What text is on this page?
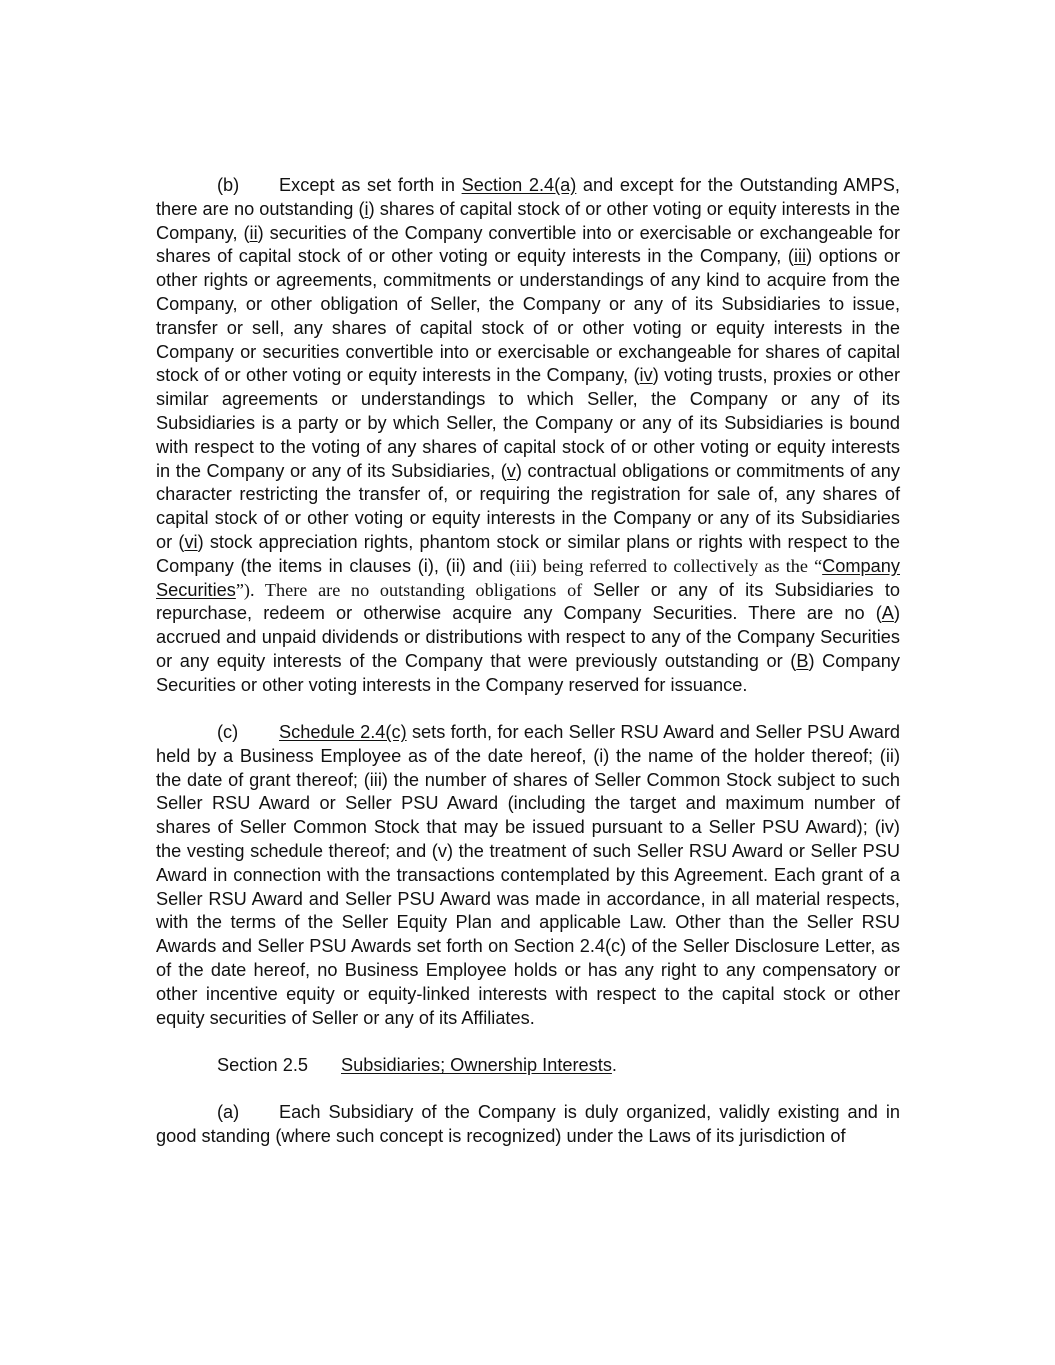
(b) Except as set forth in Section 2.4(a) and except for the Outstanding AMPS, there are no outstanding (i) shares of capital stock of or other voting or equity interests in the Company, (ii) securities of the Company convertible into or exercisable or exchangeable for shares of capital stock of or other voting or equity interests in the Company, (iii) options or other rights or agreements, commitments or understandings of any kind to acquire from the Company, or other obligation of Seller, the Company or any of its Subsidiaries to issue, transfer or sell, any shares of capital stock of or other voting or equity interests in the Company or securities convertible into or exercisable or exchangeable for shares of capital stock of or other voting or equity interests in the Company, (iv) voting trusts, proxies or other similar agreements or understandings to which Seller, the Company or any of its Subsidiaries is a party or by which Seller, the Company or any of its Subsidiaries is bound with respect to the voting of any shares of capital stock of or other voting or equity interests in the Company or any of its Subsidiaries, (v) contractual obligations or commitments of any character restricting the transfer of, or requiring the registration for sale of, any shares of capital stock of or other voting or equity interests in the Company or any of its Subsidiaries or (vi) stock appreciation rights, phantom stock or similar plans or rights with respect to the Company (the items in clauses (i), (ii) and (iii) being referred to collectively as the “Company Securities”). There are no outstanding obligations of Seller or any of its Subsidiaries to repurchase, redeem or otherwise acquire any Company Securities. There are no (A) accrued and unpaid dividends or distributions with respect to any of the Company Securities or any equity interests of the Company that were previously outstanding or (B) Company Securities or other voting interests in the Company reserved for issuance.

(c) Schedule 2.4(c) sets forth, for each Seller RSU Award and Seller PSU Award held by a Business Employee as of the date hereof, (i) the name of the holder thereof; (ii) the date of grant thereof; (iii) the number of shares of Seller Common Stock subject to such Seller RSU Award or Seller PSU Award (including the target and maximum number of shares of Seller Common Stock that may be issued pursuant to a Seller PSU Award); (iv) the vesting schedule thereof; and (v) the treatment of such Seller RSU Award or Seller PSU Award in connection with the transactions contemplated by this Agreement. Each grant of a Seller RSU Award and Seller PSU Award was made in accordance, in all material respects, with the terms of the Seller Equity Plan and applicable Law. Other than the Seller RSU Awards and Seller PSU Awards set forth on Section 2.4(c) of the Seller Disclosure Letter, as of the date hereof, no Business Employee holds or has any right to any compensatory or other incentive equity or equity-linked interests with respect to the capital stock or other equity securities of Seller or any of its Affiliates.

Section 2.5 Subsidiaries; Ownership Interests.

(a) Each Subsidiary of the Company is duly organized, validly existing and in good standing (where such concept is recognized) under the Laws of its jurisdiction of
